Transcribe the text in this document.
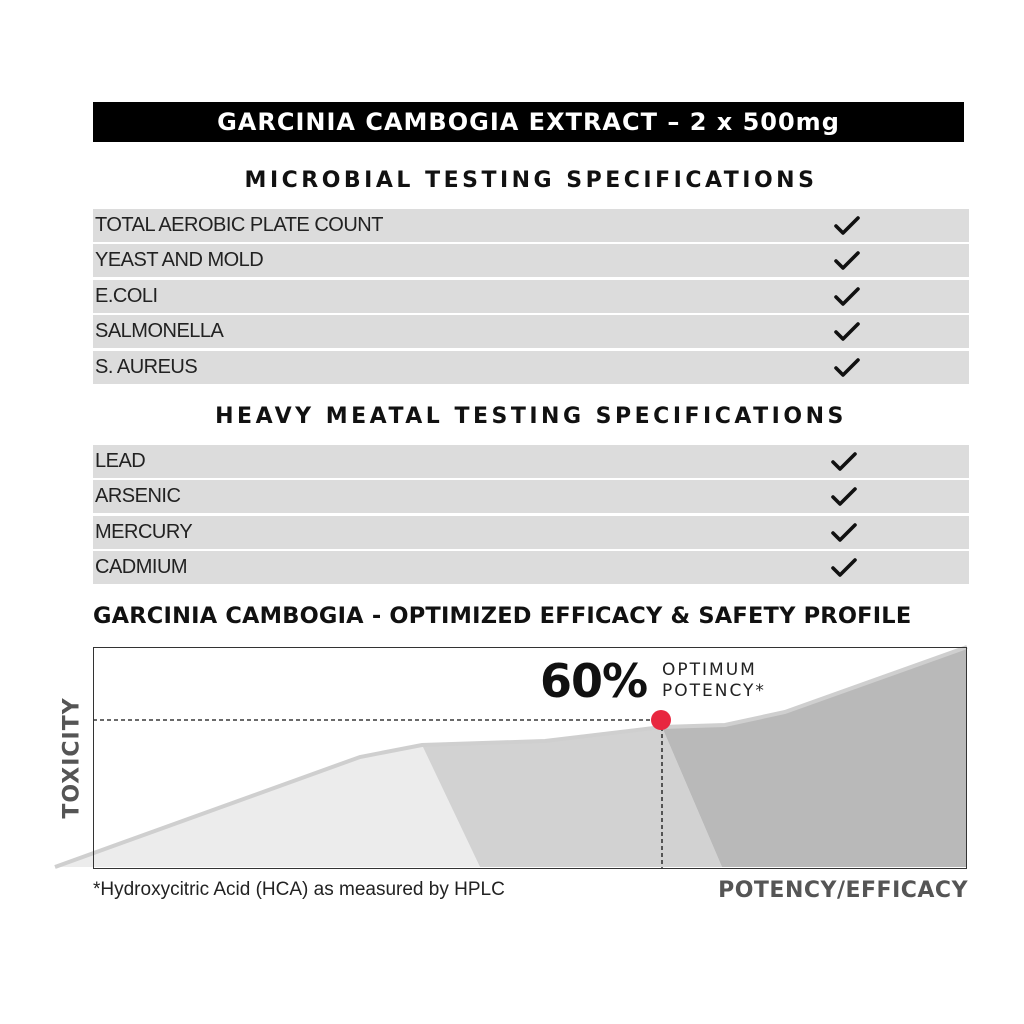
GARCINIA CAMBOGIA EXTRACT – 2 x 500mg
MICROBIAL TESTING SPECIFICATIONS
TOTAL AEROBIC PLATE COUNT
YEAST AND MOLD
E.COLI
SALMONELLA
S. AUREUS
HEAVY MEATAL TESTING SPECIFICATIONS
LEAD
ARSENIC
MERCURY
CADMIUM
GARCINIA CAMBOGIA - OPTIMIZED EFFICACY & SAFETY PROFILE
60% OPTIMUM
POTENCY*
TOXICITY
POTENCY/EFFICACY
*Hydroxycitric Acid (HCA) as measured by HPLC
